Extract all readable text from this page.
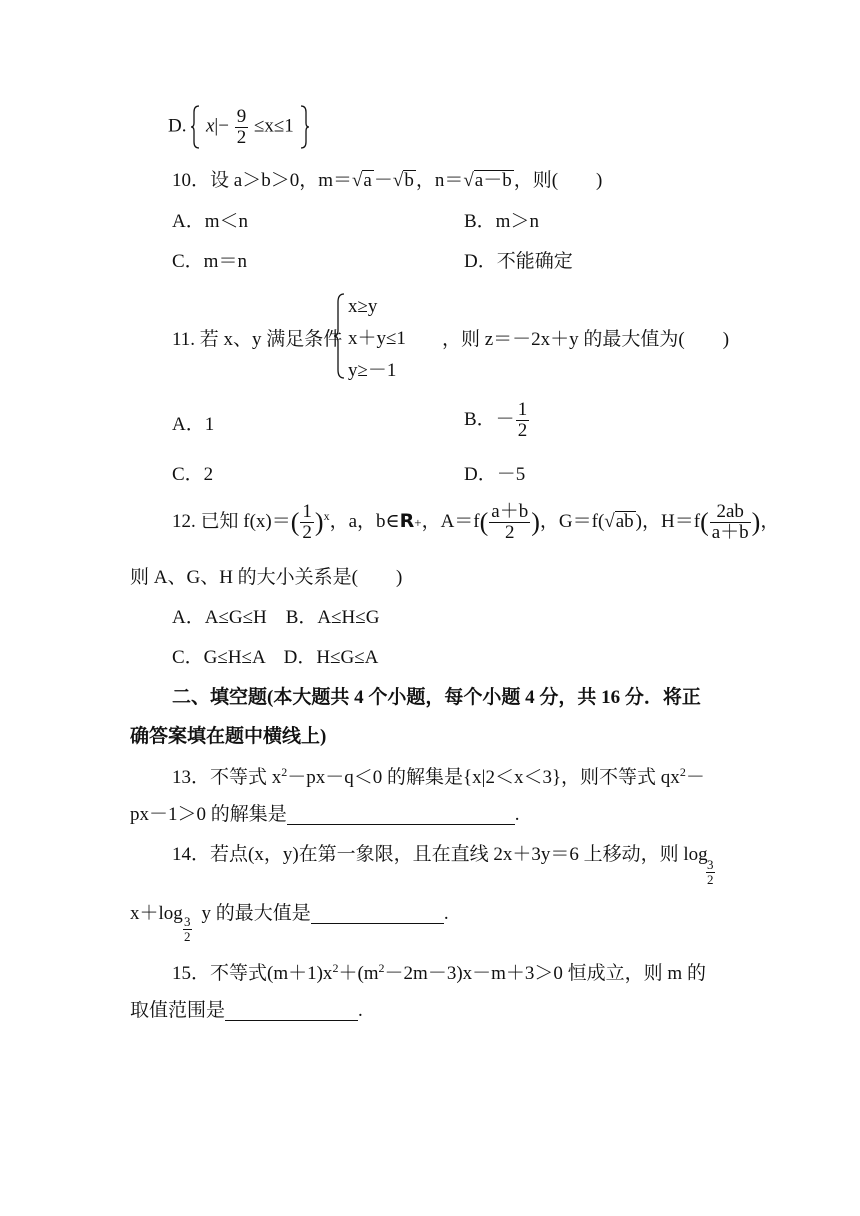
D. $x|- \frac{9}{2} \le x\le 1$
10．设 a＞b＞0，m＝√a －√b ，n＝√a－b ，则(　　)
A．m＜n	B．m＞n
C．m＝n	D．不能确定
11. 若 x、y 满足条件
x≥y
x＋y≤1
y≥－1
，则 z＝－2x＋y 的最大值为(　　)
A．1	B．－ $\frac{1}{2}$
C．2	D．－5
12. 已知 $f(x)=( \frac{1}{2} )^x$，a，b∈R+，$A=f( \frac{a+b}{2}$ )，G＝f(√ab )，$H=f( \frac{2ab}{a+b}$ )，
则 A、G、H 的大小关系是(　　)
A．A≤G≤H　B．A≤H≤G
C．G≤H≤A　D．H≤G≤A
二、填空题(本大题共 4 个小题，每个小题 4 分，共 16 分．将正
确答案填在题中横线上)
13．不等式 $x^2-px-q<0$ 的解集是{x|2＜x＜3}，则不等式 $qx^2-$
px－1＞0 的解集是　　　　　　　　　　　　	.
14．若点(x，y)在第一象限，且在直线 2x＋3y＝6 上移动，则 log
$\frac{3}{2}$
x＋log y 的最大值是　　　　　　　	.
$\frac{3}{2}$
15．不等式$(m+1)x^2+(m^2-2m-3)x-m+3>0$ 恒成立，则 m 的
取值范围是　　　　　　　	.
